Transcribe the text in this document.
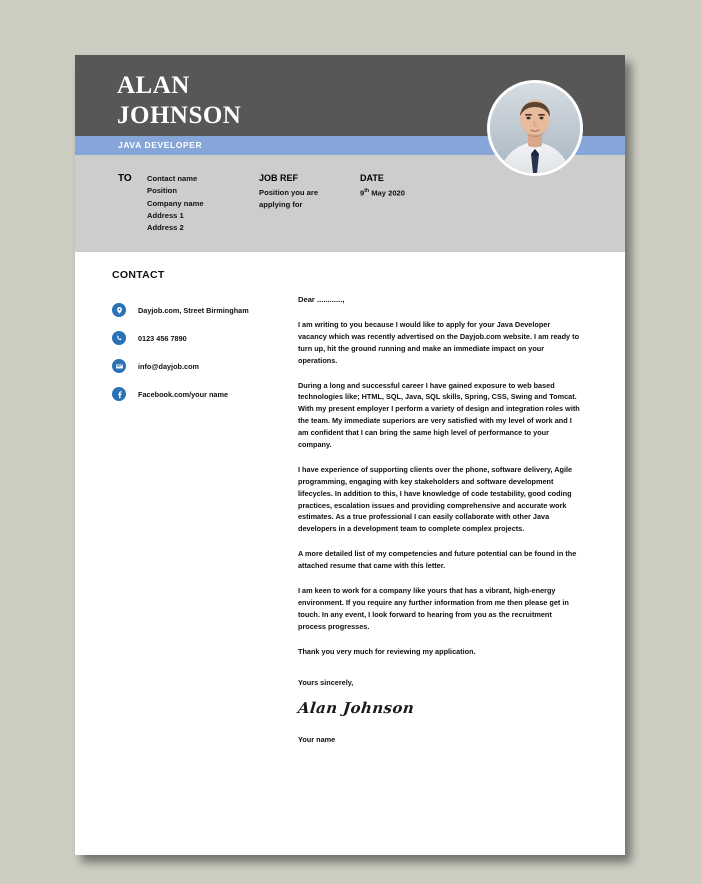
ALAN
JOHNSON
JAVA DEVELOPER
TO Contact name
Position
Company name
Address 1
Address 2
JOB REF
Position you are
applying for
DATE
9th May 2020
CONTACT
Dayjob.com, Street Birmingham
0123 456 7890
info@dayjob.com
Facebook.com/your name
Dear ............,
I am writing to you because I would like to apply for your Java Developer vacancy which was recently advertised on the Dayjob.com website. I am ready to turn up, hit the ground running and make an immediate impact on your operations.
During a long and successful career I have gained exposure to web based technologies like; HTML, SQL, Java, SQL skills, Spring, CSS, Swing and Tomcat. With my present employer I perform a variety of design and integration roles with the team. My immediate superiors are very satisfied with my level of work and I am confident that I can bring the same high level of performance to your company.
I have experience of supporting clients over the phone, software delivery, Agile programming, engaging with key stakeholders and software development lifecycles. In addition to this, I have knowledge of code testability, good coding practices, escalation issues and providing comprehensive and accurate work estimates. As a true professional I can easily collaborate with other Java developers in a development team to complete complex projects.
A more detailed list of my competencies and future potential can be found in the attached resume that came with this letter.
I am keen to work for a company like yours that has a vibrant, high-energy environment. If you require any further information from me then please get in touch. In any event, I look forward to hearing from you as the recruitment process progresses.
Thank you very much for reviewing my application.
Yours sincerely,
Alan Johnson
Your name
